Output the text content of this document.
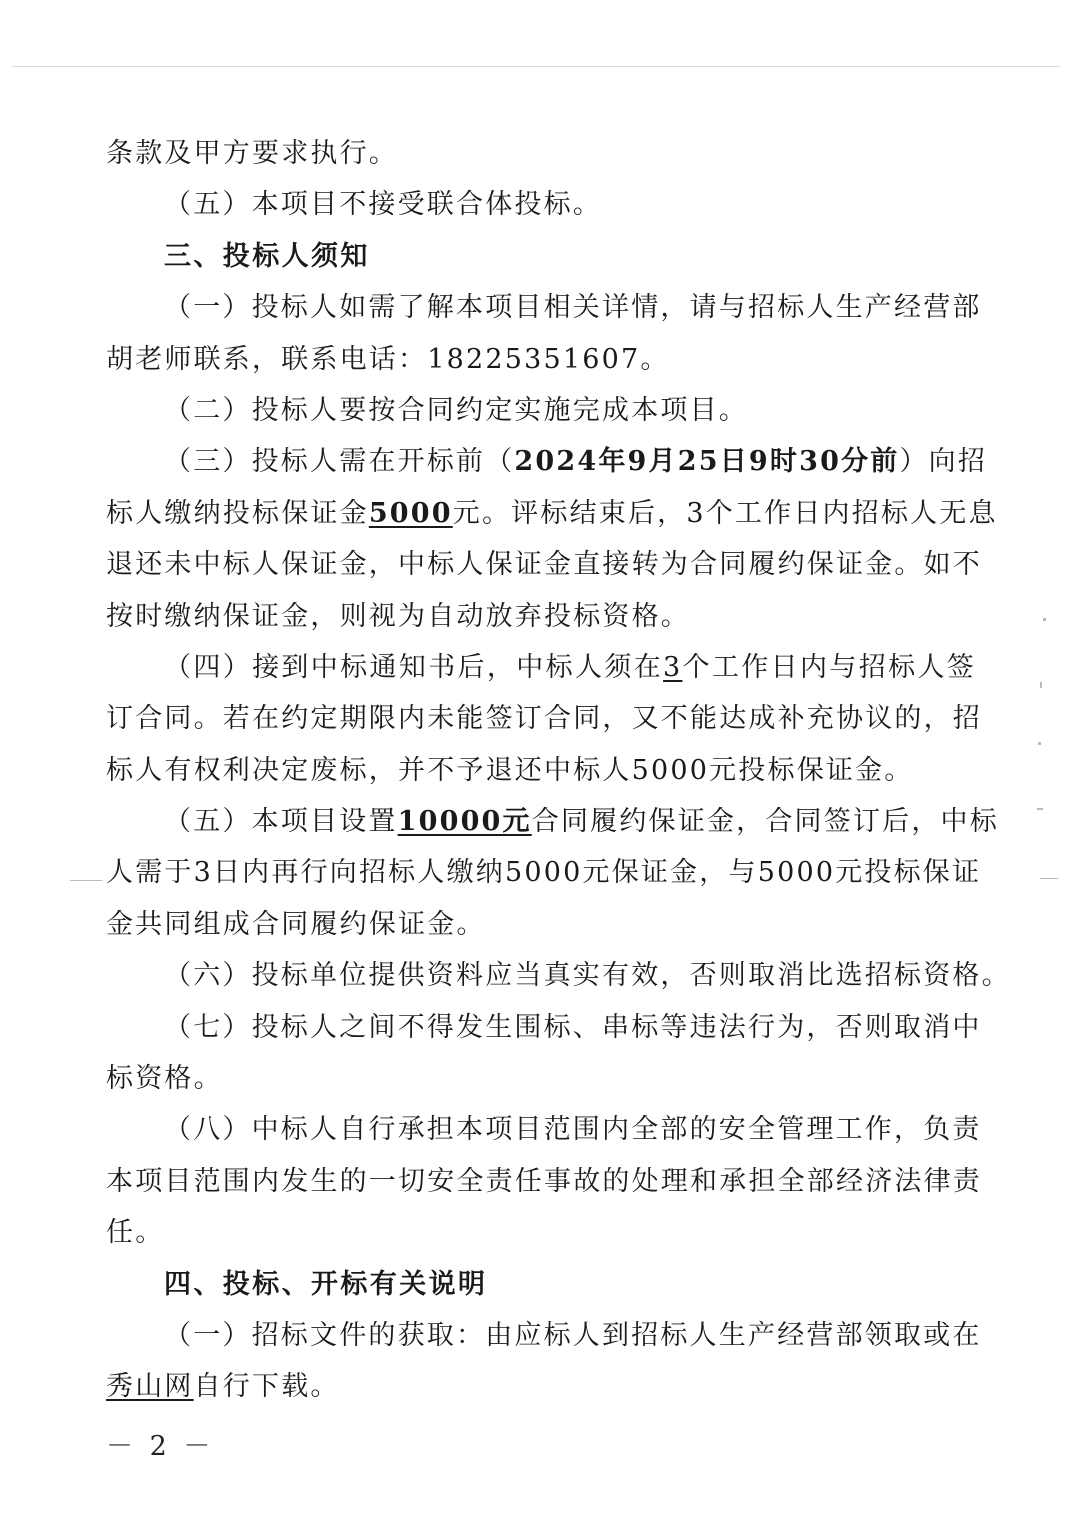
条款及甲方要求执行。
（五）本项目不接受联合体投标。
三、投标人须知
（一）投标人如需了解本项目相关详情，请与招标人生产经营部
胡老师联系，联系电话：18225351607。
（二）投标人要按合同约定实施完成本项目。
（三）投标人需在开标前（2024年9月25日9时30分前）向招
标人缴纳投标保证金5000元。评标结束后，3个工作日内招标人无息
退还未中标人保证金，中标人保证金直接转为合同履约保证金。如不
按时缴纳保证金，则视为自动放弃投标资格。
（四）接到中标通知书后，中标人须在3个工作日内与招标人签
订合同。若在约定期限内未能签订合同，又不能达成补充协议的，招
标人有权利决定废标，并不予退还中标人5000元投标保证金。
（五）本项目设置10000元合同履约保证金，合同签订后，中标
人需于3日内再行向招标人缴纳5000元保证金，与5000元投标保证
金共同组成合同履约保证金。
（六）投标单位提供资料应当真实有效，否则取消比选招标资格。
（七）投标人之间不得发生围标、串标等违法行为，否则取消中
标资格。
（八）中标人自行承担本项目范围内全部的安全管理工作，负责
本项目范围内发生的一切安全责任事故的处理和承担全部经济法律责
任。
四、投标、开标有关说明
（一）招标文件的获取：由应标人到招标人生产经营部领取或在
秀山网自行下载。
－ 2 －
